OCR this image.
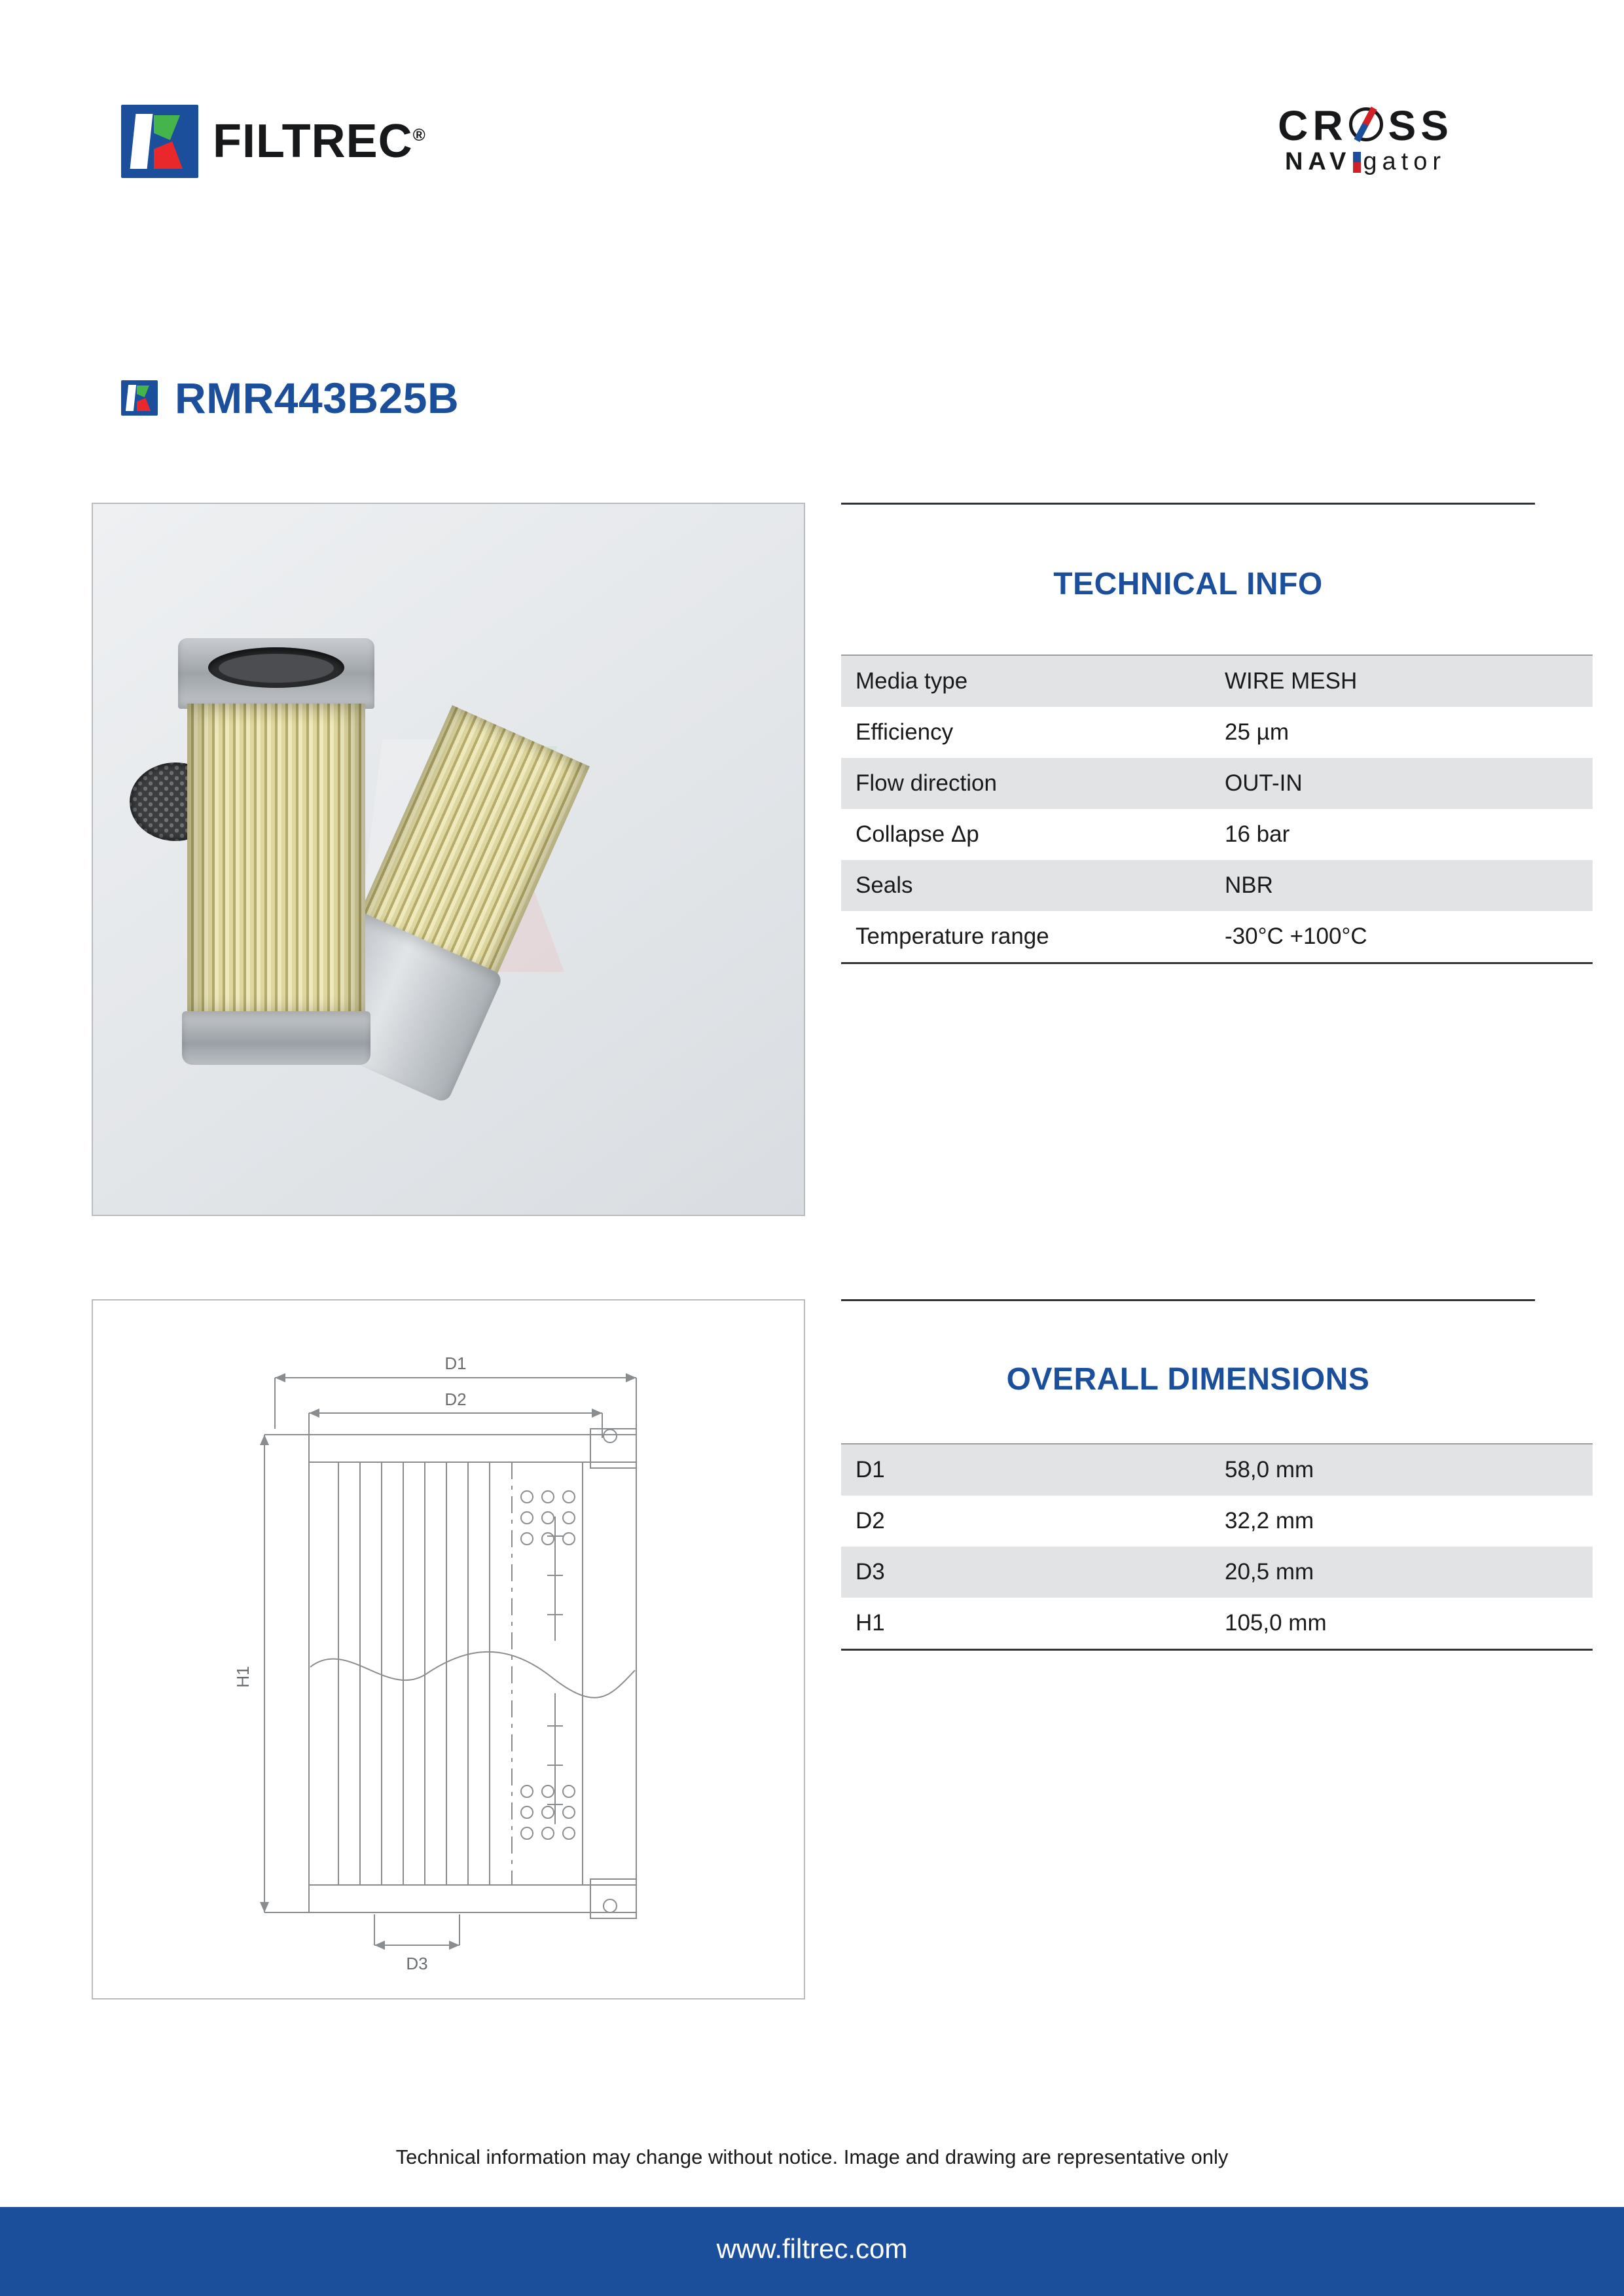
FILTREC®	CR SS
NAV gator
RMR443B25B
D1
D2
D3
H1
TECHNICAL INFO
Media type	WIRE MESH
Efficiency	25 µm
Flow direction	OUT-IN
Collapse Δp	16 bar
Seals	NBR
Temperature range	-30°C +100°C
OVERALL DIMENSIONS
D1	58,0 mm
D2	32,2 mm
D3	20,5 mm
H1	105,0 mm
Technical information may change without notice. Image and drawing are representative only
www.filtrec.com
